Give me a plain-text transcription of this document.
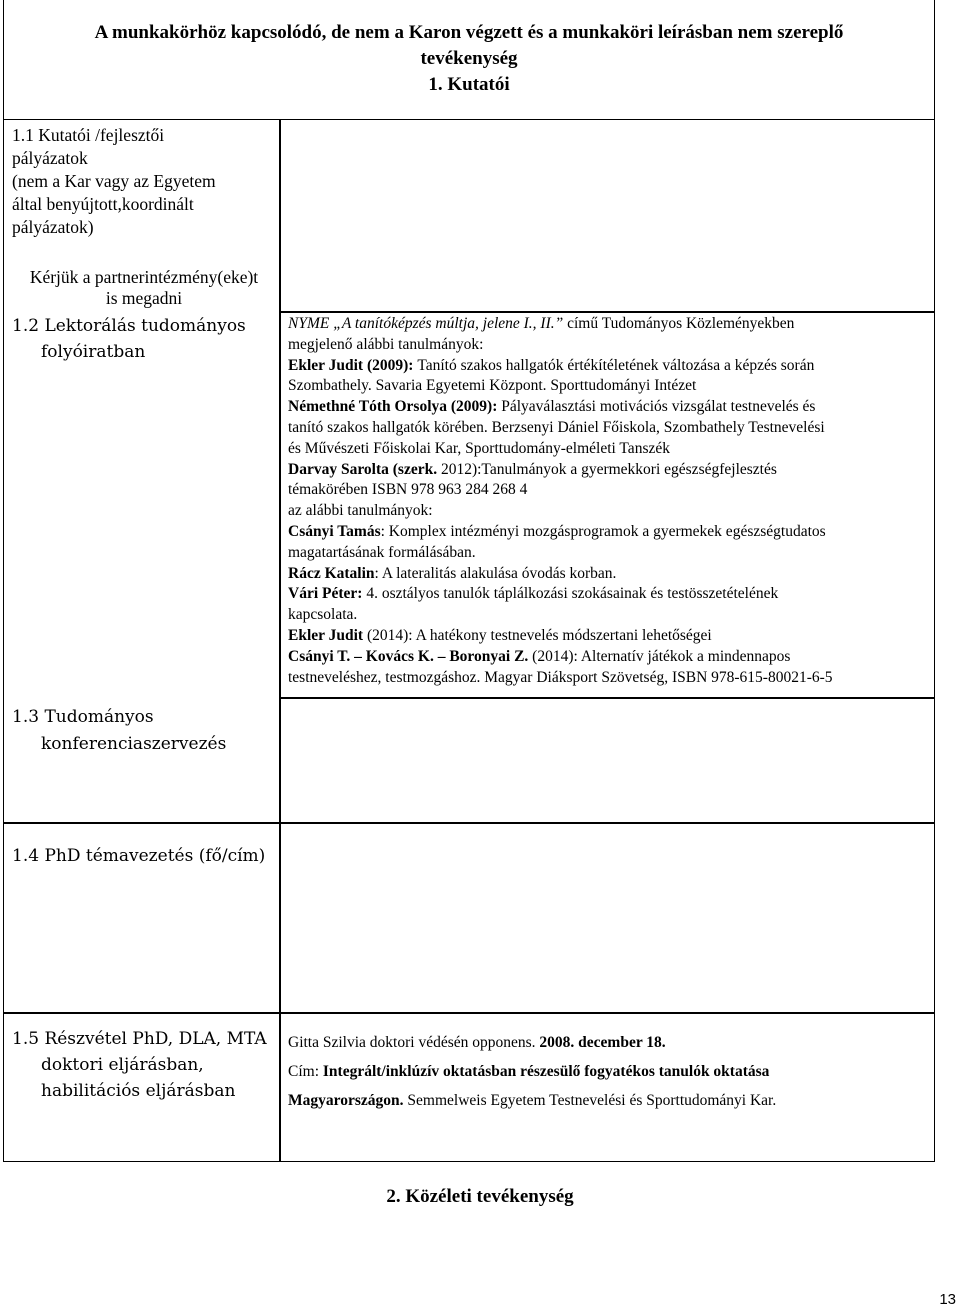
A munkakörhöz kapcsolódó, de nem a Karon végzett és a munkaköri leírásban nem szereplő
tevékenység
1. Kutatói
1.1 Kutatói /fejlesztői
pályázatok
(nem a Kar vagy az Egyetem
által benyújtott,koordinált
pályázatok)
Kérjük a partnerintézmény(eke)t
is megadni
1.2 Lektorálás tudományos
folyóiratban

NYME „A tanítóképzés múltja, jelene I., II.” című Tudományos Közleményekben

megjelenő alábbi tanulmányok:

Ekler Judit (2009): Tanító szakos hallgatók értékítéletének változása a képzés során

Szombathely. Savaria Egyetemi Központ. Sporttudományi Intézet

Némethné Tóth Orsolya (2009): Pályaválasztási motivációs vizsgálat testnevelés és

tanító szakos hallgatók körében. Berzsenyi Dániel Főiskola, Szombathely Testnevelési

és Művészeti Főiskolai Kar, Sporttudomány-elméleti Tanszék

Darvay Sarolta (szerk. 2012):Tanulmányok a gyermekkori egészségfejlesztés

témakörében ISBN 978 963 284 268 4

az alábbi tanulmányok:

Csányi Tamás: Komplex intézményi mozgásprogramok a gyermekek egészségtudatos

magatartásának formálásában.

Rácz Katalin: A lateralitás alakulása óvodás korban.

Vári Péter: 4. osztályos tanulók táplálkozási szokásainak és testösszetételének

kapcsolata.

Ekler Judit (2014): A hatékony testnevelés módszertani lehetőségei

Csányi T. – Kovács K. – Boronyai Z. (2014): Alternatív játékok a mindennapos

testneveléshez, testmozgáshoz. Magyar Diáksport Szövetség, ISBN 978-615-80021-6-5

1.3 Tudományos
konferenciaszervezés
1.4 PhD témavezetés (fő/cím)
1.5 Részvétel PhD, DLA, MTA
doktori eljárásban,
habilitációs eljárásban

Gitta Szilvia doktori védésén opponens. 2008. december 18.

Cím: Integrált/inklúzív oktatásban részesülő fogyatékos tanulók oktatása

Magyarországon. Semmelweis Egyetem Testnevelési és Sporttudományi Kar.

2. Közéleti tevékenység
13
